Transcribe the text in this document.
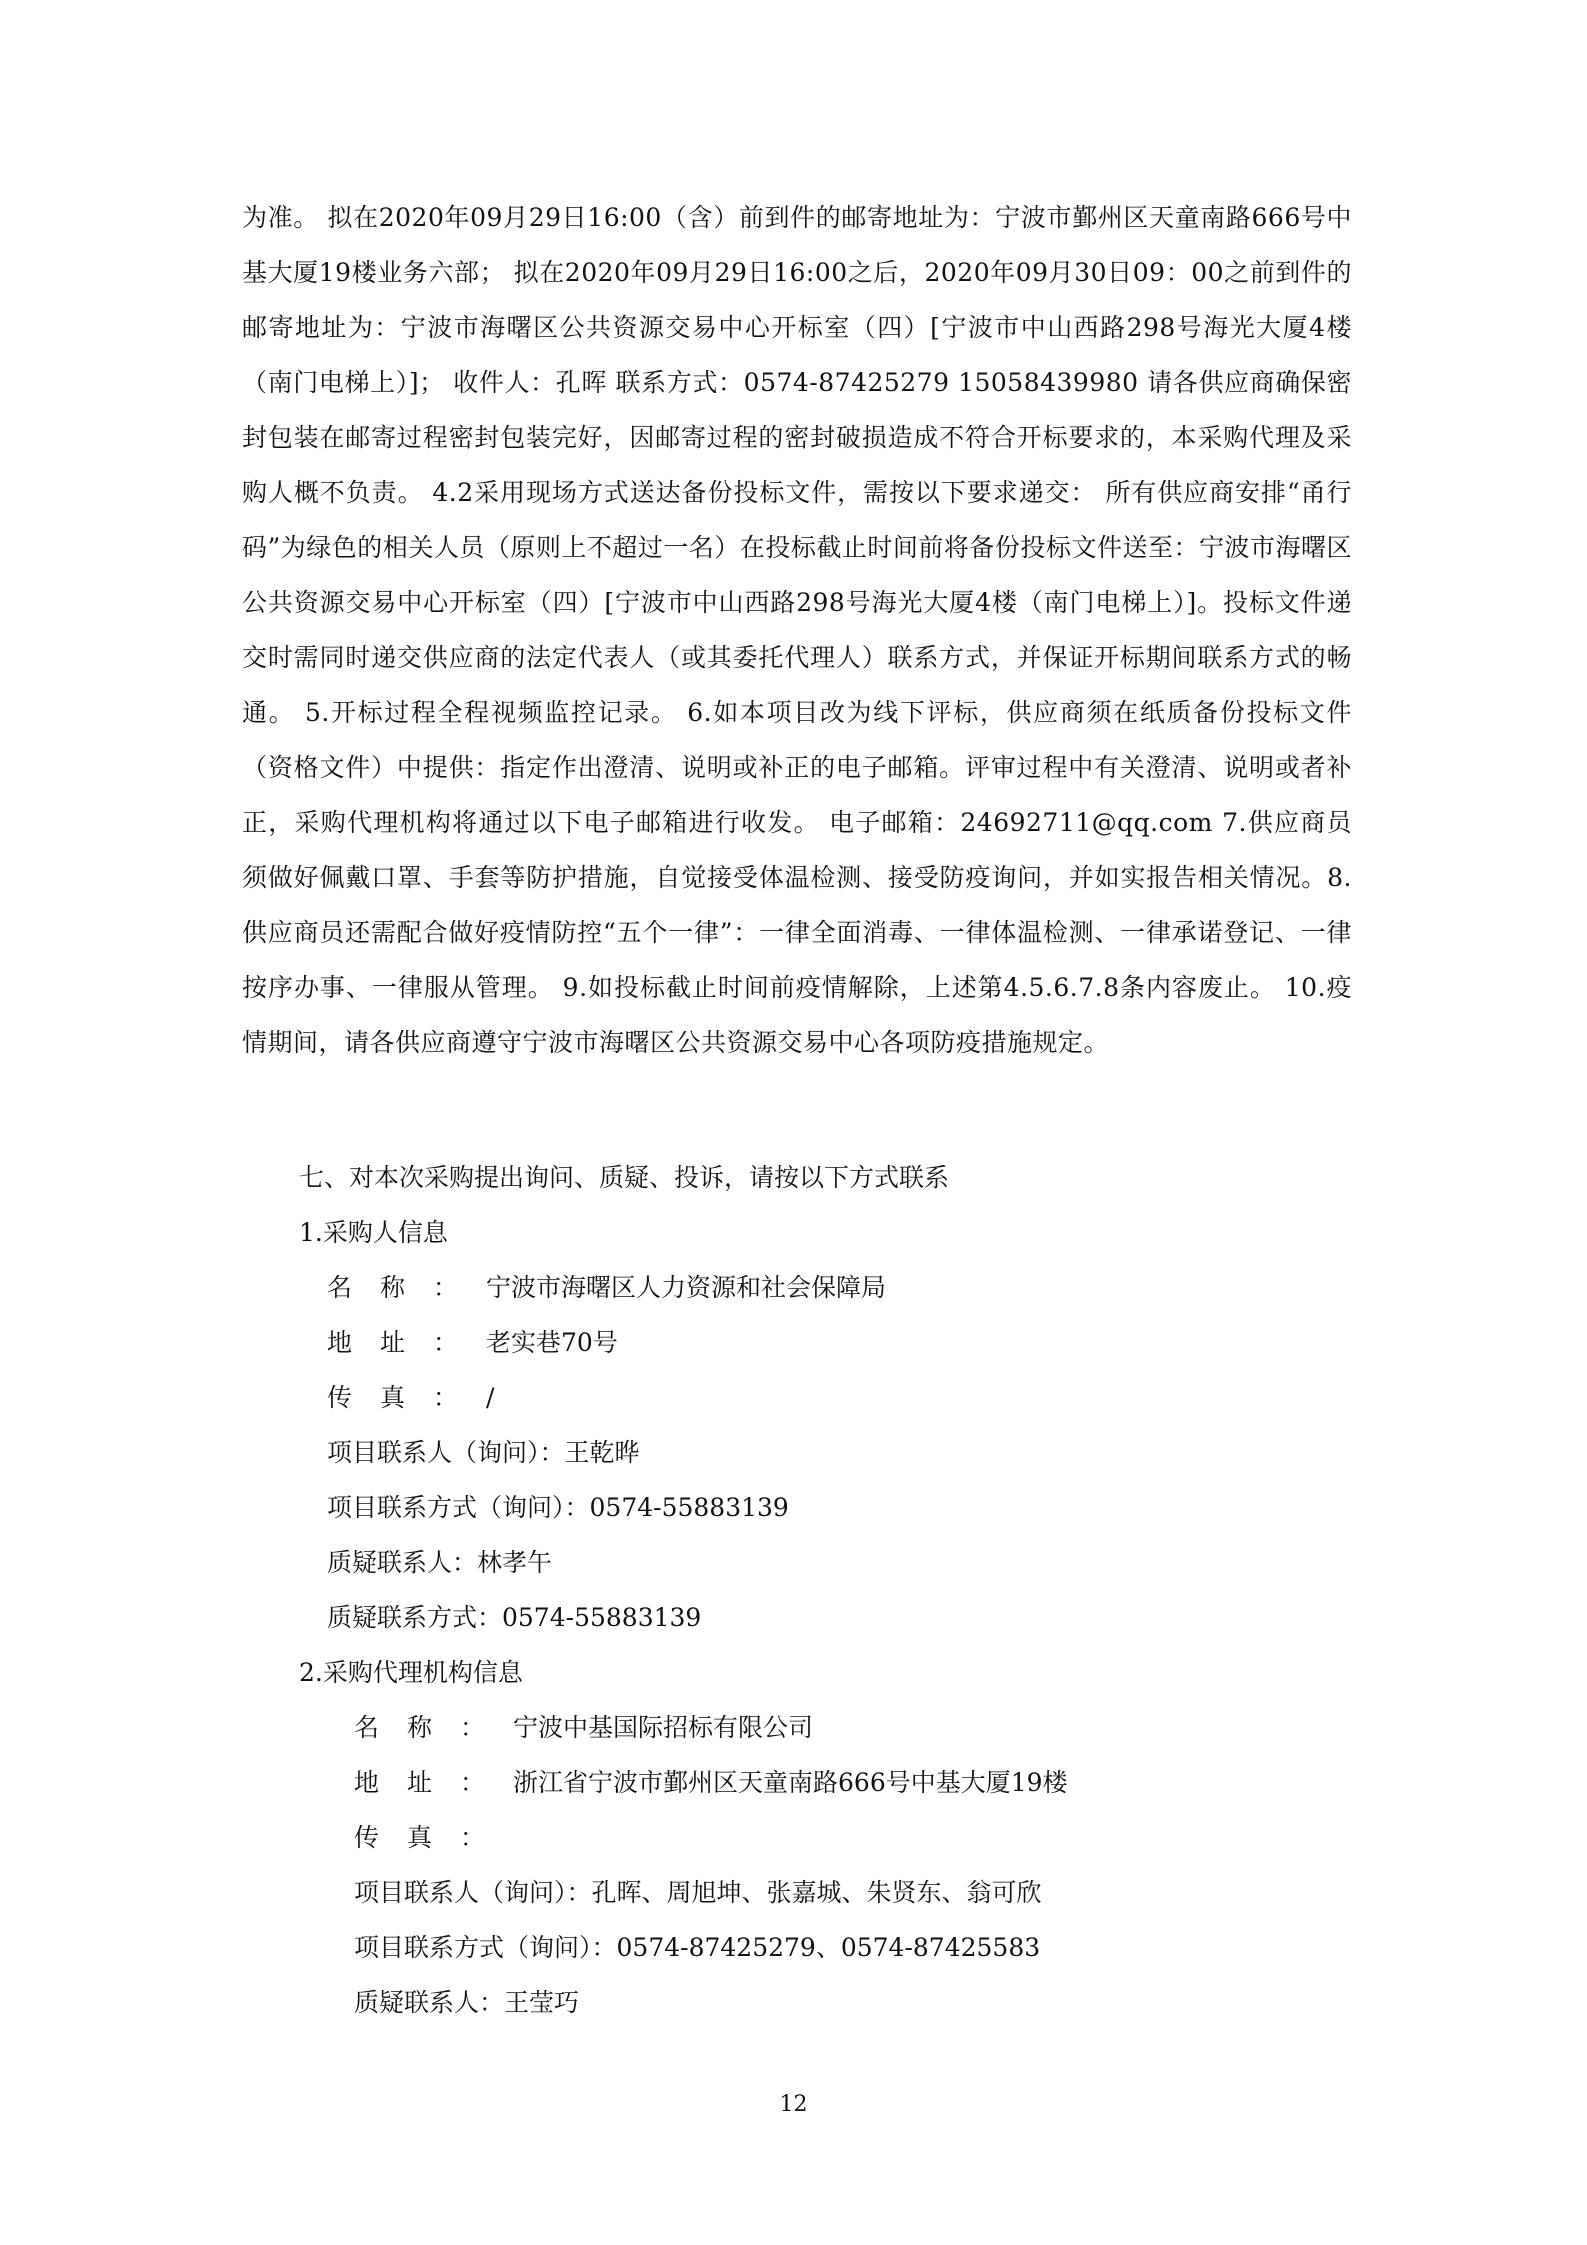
为准。 拟在2020年09月29日16:00（含）前到件的邮寄地址为：宁波市鄞州区天童南路666号中基大厦19楼业务六部； 拟在2020年09月29日16:00之后，2020年09月30日09：00之前到件的邮寄地址为：宁波市海曙区公共资源交易中心开标室（四）[宁波市中山西路298号海光大厦4楼（南门电梯上）]； 收件人：孔晖 联系方式：0574-87425279 15058439980 请各供应商确保密封包装在邮寄过程密封包装完好，因邮寄过程的密封破损造成不符合开标要求的，本采购代理及采购人概不负责。 4.2采用现场方式送达备份投标文件，需按以下要求递交： 所有供应商安排“甬行码”为绿色的相关人员（原则上不超过一名）在投标截止时间前将备份投标文件送至：宁波市海曙区公共资源交易中心开标室（四）[宁波市中山西路298号海光大厦4楼（南门电梯上）]。投标文件递交时需同时递交供应商的法定代表人（或其委托代理人）联系方式，并保证开标期间联系方式的畅通。 5.开标过程全程视频监控记录。 6.如本项目改为线下评标，供应商须在纸质备份投标文件（资格文件）中提供：指定作出澄清、说明或补正的电子邮箱。评审过程中有关澄清、说明或者补正，采购代理机构将通过以下电子邮箱进行收发。 电子邮箱：24692711@qq.com 7.供应商员须做好佩戴口罩、手套等防护措施，自觉接受体温检测、接受防疫询问，并如实报告相关情况。8.供应商员还需配合做好疫情防控“五个一律”：一律全面消毒、一律体温检测、一律承诺登记、一律按序办事、一律服从管理。 9.如投标截止时间前疫情解除，上述第4.5.6.7.8条内容废止。 10.疫情期间，请各供应商遵守宁波市海曙区公共资源交易中心各项防疫措施规定。
七、对本次采购提出询问、质疑、投诉，请按以下方式联系
1.采购人信息
名称：宁波市海曙区人力资源和社会保障局
地址：老实巷70号
传真：/
项目联系人（询问）：王乾晔
项目联系方式（询问）：0574-55883139
质疑联系人：林孝午
质疑联系方式：0574-55883139
2.采购代理机构信息
名称：宁波中基国际招标有限公司
地址：浙江省宁波市鄞州区天童南路666号中基大厦19楼
传真：
项目联系人（询问）：孔晖、周旭坤、张嘉城、朱贤东、翁可欣
项目联系方式（询问）：0574-87425279、0574-87425583
质疑联系人：王莹巧
12
